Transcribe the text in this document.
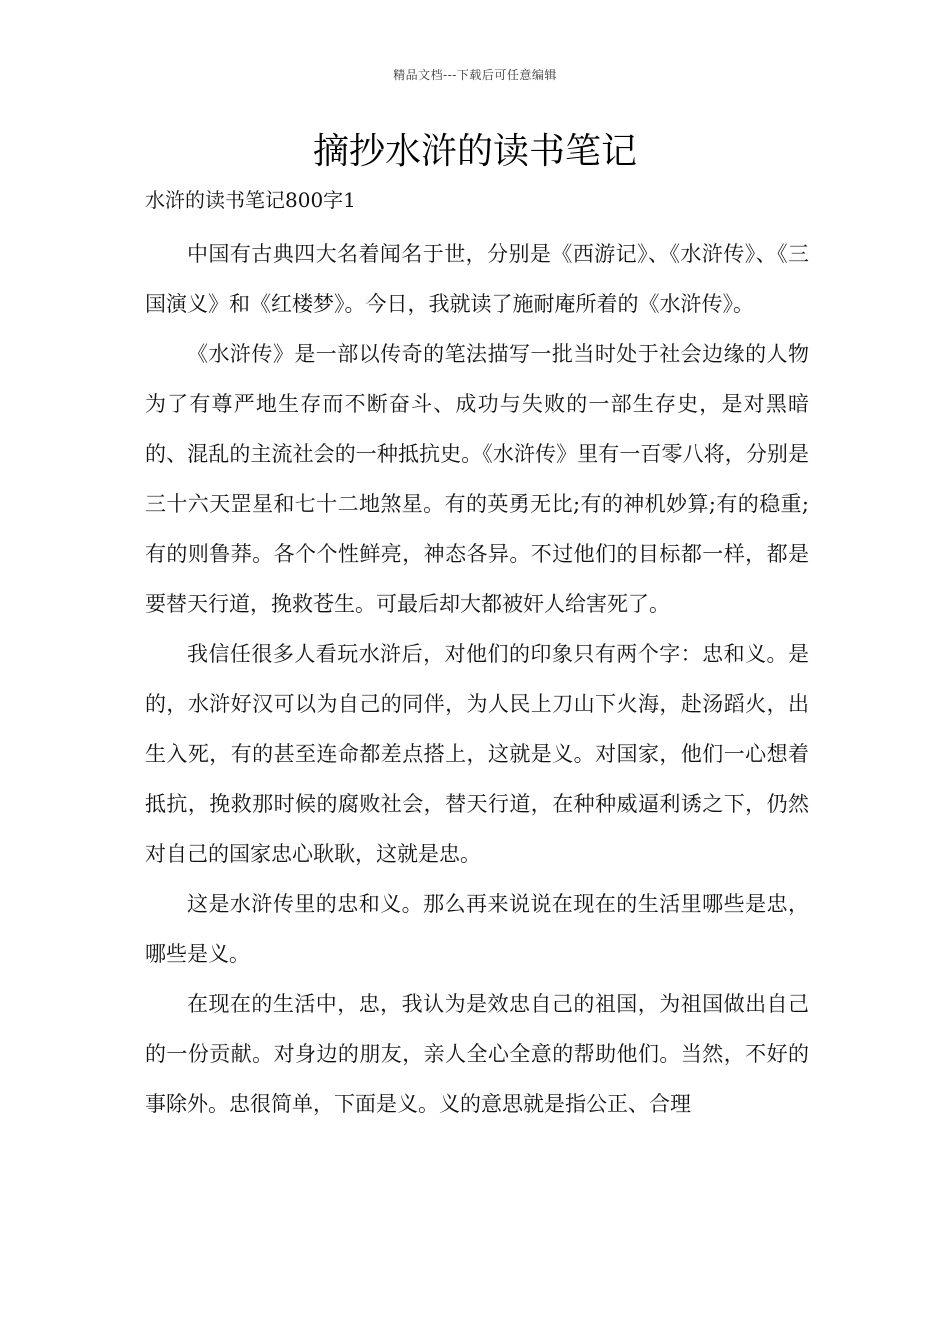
精品文档---下载后可任意编辑
摘抄水浒的读书笔记

水浒的读书笔记800字1

中国有古典四大名着闻名于世，分别是《西游记》、《水浒传》、《三国演义》和《红楼梦》。今日，我就读了施耐庵所着的《水浒传》。

《水浒传》是一部以传奇的笔法描写一批当时处于社会边缘的人物为了有尊严地生存而不断奋斗、成功与失败的一部生存史，是对黑暗的、混乱的主流社会的一种抵抗史。《水浒传》里有一百零八将，分别是三十六天罡星和七十二地煞星。有的英勇无比;有的神机妙算;有的稳重;有的则鲁莽。各个个性鲜亮，神态各异。不过他们的目标都一样，都是要替天行道，挽救苍生。可最后却大都被奸人给害死了。

我信任很多人看玩水浒后，对他们的印象只有两个字：忠和义。是的，水浒好汉可以为自己的同伴，为人民上刀山下火海，赴汤蹈火，出生入死，有的甚至连命都差点搭上，这就是义。对国家，他们一心想着抵抗，挽救那时候的腐败社会，替天行道，在种种威逼利诱之下，仍然对自己的国家忠心耿耿，这就是忠。

这是水浒传里的忠和义。那么再来说说在现在的生活里哪些是忠，哪些是义。

在现在的生活中，忠，我认为是效忠自己的祖国，为祖国做出自己的一份贡献。对身边的朋友，亲人全心全意的帮助他们。当然，不好的事除外。忠很简单，下面是义。义的意思就是指公正、合理
